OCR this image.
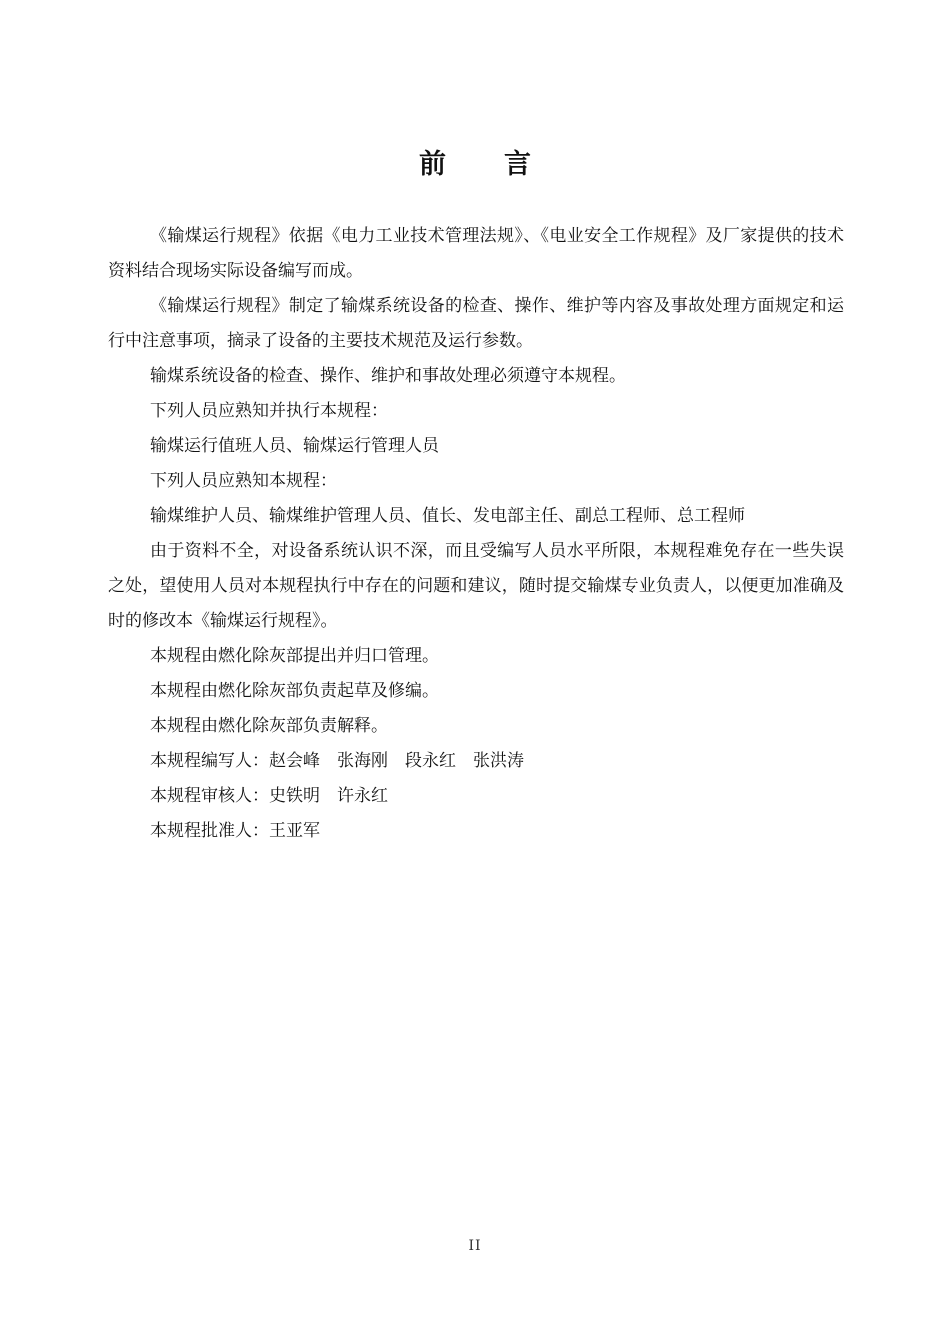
前 言

《输煤运行规程》依据《电力工业技术管理法规》、《电业安全工作规程》及厂家提供的技术资料结合现场实际设备编写而成。

《输煤运行规程》制定了输煤系统设备的检查、操作、维护等内容及事故处理方面规定和运行中注意事项，摘录了设备的主要技术规范及运行参数。

输煤系统设备的检查、操作、维护和事故处理必须遵守本规程。

下列人员应熟知并执行本规程：

输煤运行值班人员、输煤运行管理人员

下列人员应熟知本规程：

输煤维护人员、输煤维护管理人员、值长、发电部主任、副总工程师、总工程师

由于资料不全，对设备系统认识不深，而且受编写人员水平所限，本规程难免存在一些失误之处，望使用人员对本规程执行中存在的问题和建议，随时提交输煤专业负责人，以便更加准确及时的修改本《输煤运行规程》。

本规程由燃化除灰部提出并归口管理。

本规程由燃化除灰部负责起草及修编。

本规程由燃化除灰部负责解释。

本规程编写人：赵会峰　张海刚　段永红　张洪涛

本规程审核人：史铁明　许永红

本规程批准人：王亚军

II
